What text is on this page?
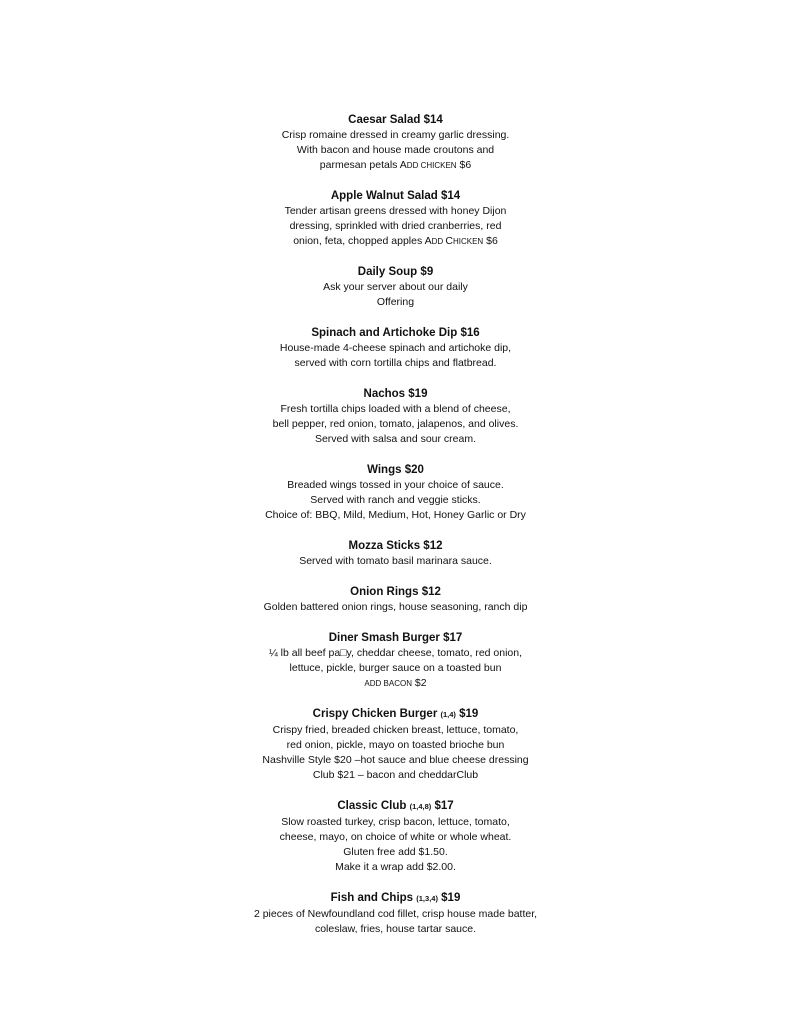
Caesar Salad $14

Crisp romaine dressed in creamy garlic dressing.

With bacon and house made croutons and

parmesan petals ADD CHICKEN $6

Apple Walnut Salad $14

Tender artisan greens dressed with honey Dijon

dressing, sprinkled with dried cranberries, red

onion, feta, chopped apples ADD CHICKEN $6

Daily Soup $9

Ask your server about our daily

Offering

Spinach and Artichoke Dip $16

House-made 4-cheese spinach and artichoke dip,

served with corn tortilla chips and flatbread.

Nachos $19

Fresh tortilla chips loaded with a blend of cheese,

bell pepper, red onion, tomato, jalapenos, and olives.

Served with salsa and sour cream.

Wings $20

Breaded wings tossed in your choice of sauce.

Served with ranch and veggie sticks.

Choice of: BBQ, Mild, Medium, Hot, Honey Garlic or Dry

Mozza Sticks $12

Served with tomato basil marinara sauce.

Onion Rings $12

Golden battered onion rings, house seasoning, ranch dip

Diner Smash Burger $17

¼ lb all beef pa□y, cheddar cheese, tomato, red onion,

lettuce, pickle, burger sauce on a toasted bun

ADD BACON $2

Crispy Chicken Burger (1,4) $19

Crispy fried, breaded chicken breast, lettuce, tomato,

red onion, pickle, mayo on toasted brioche bun

Nashville Style $20 –hot sauce and blue cheese dressing

Club $21 – bacon and cheddarClub

Classic Club (1,4,8) $17

Slow roasted turkey, crisp bacon, lettuce, tomato,

cheese, mayo, on choice of white or whole wheat.

Gluten free add $1.50.

Make it a wrap add $2.00.

Fish and Chips (1,3,4) $19

2 pieces of Newfoundland cod fillet, crisp house made batter,

coleslaw, fries, house tartar sauce.
